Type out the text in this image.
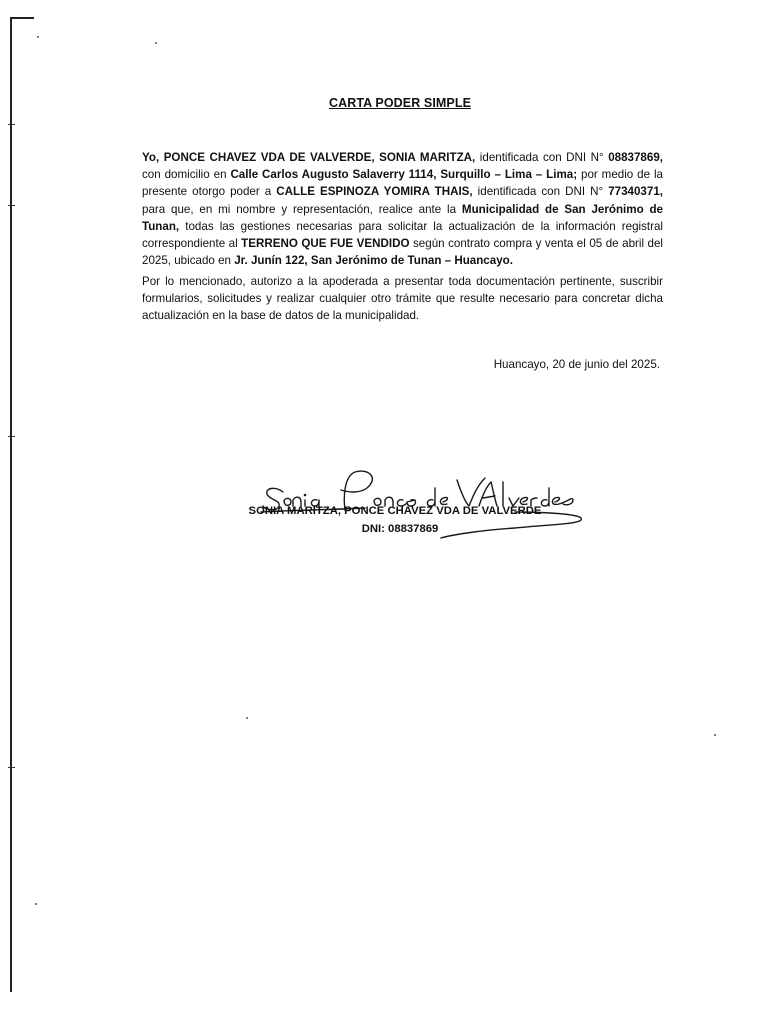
CARTA PODER SIMPLE

Yo, PONCE CHAVEZ VDA DE VALVERDE, SONIA MARITZA, identificada con DNI N° 08837869, con domicilio en Calle Carlos Augusto Salaverry 1114, Surquillo – Lima – Lima; por medio de la presente otorgo poder a CALLE ESPINOZA YOMIRA THAIS, identificada con DNI N° 77340371, para que, en mi nombre y representación, realice ante la Municipalidad de San Jerónimo de Tunan, todas las gestiones necesarias para solicitar la actualización de la información registral correspondiente al TERRENO QUE FUE VENDIDO según contrato compra y venta el 05 de abril del 2025, ubicado en Jr. Junín 122, San Jerónimo de Tunan – Huancayo.

Por lo mencionado, autorizo a la apoderada a presentar toda documentación pertinente, suscribir formularios, solicitudes y realizar cualquier otro trámite que resulte necesario para concretar dicha actualización en la base de datos de la municipalidad.

Huancayo, 20 de junio del 2025.
SONIA MARITZA, PONCE CHAVEZ VDA DE VALVERDE
DNI: 08837869
